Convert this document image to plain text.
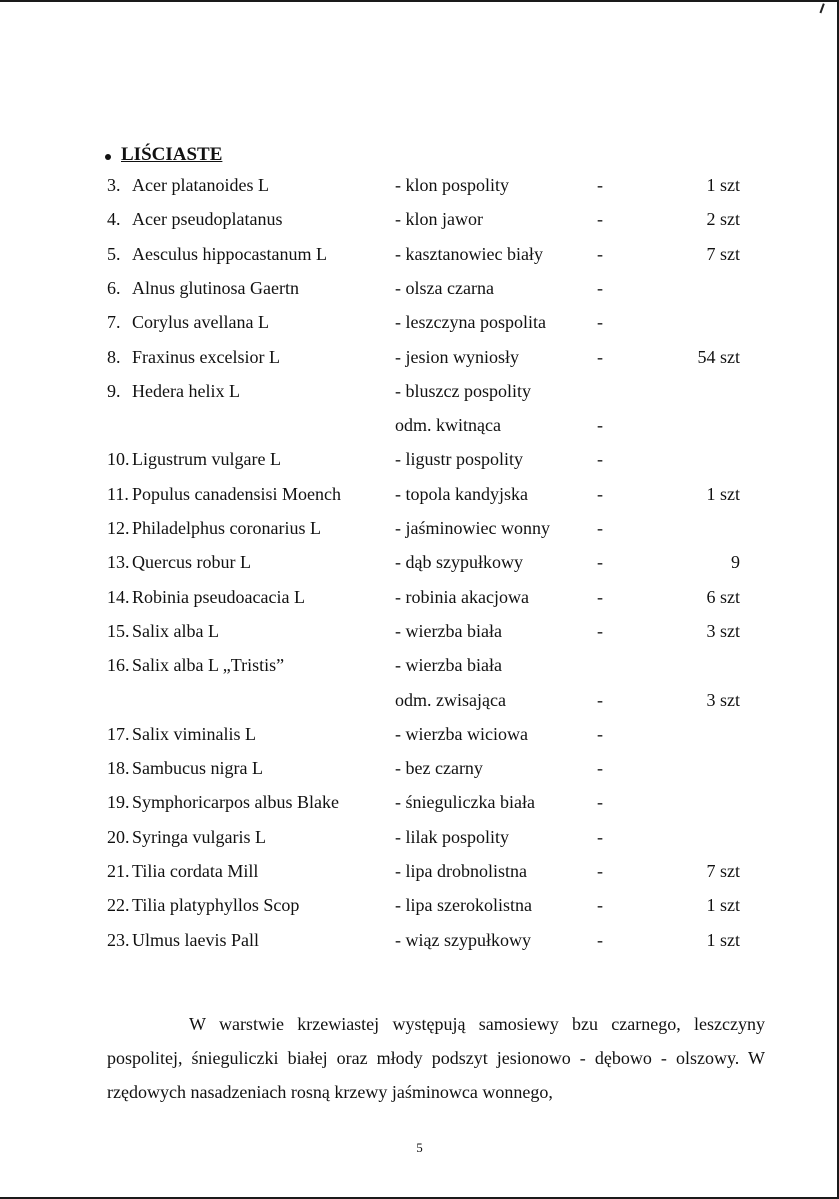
LIŚCIASTE
3. Acer platanoides L	- klon pospolity	-	1 szt
4. Acer pseudoplatanus	- klon jawor	-	2 szt
5. Aesculus hippocastanum L	- kasztanowiec biały	-	7 szt
6. Alnus glutinosa Gaertn	- olsza czarna	-
7. Corylus avellana L	- leszczyna pospolita	-
8. Fraxinus excelsior L	- jesion wyniosły	-	54 szt
9. Hedera helix L	- bluszcz pospolity
odm. kwitnąca	-
10. Ligustrum vulgare L	- ligustr pospolity	-
11. Populus canadensisi Moench	- topola kandyjska	-	1 szt
12. Philadelphus coronarius L	- jaśminowiec wonny	-
13. Quercus robur L	- dąb szypułkowy	-	9
14. Robinia pseudoacacia L	- robinia akacjowa	-	6 szt
15. Salix alba L	- wierzba biała	-	3 szt
16. Salix alba L „Tristis”	- wierzba biała
odm. zwisająca	-	3 szt
17. Salix viminalis L	- wierzba wiciowa	-
18. Sambucus nigra L	- bez czarny	-
19. Symphoricarpos albus Blake	- śnieguliczka biała	-
20. Syringa vulgaris L	- lilak pospolity	-
21. Tilia cordata Mill	- lipa drobnolistna	-	7 szt
22. Tilia platyphyllos Scop	- lipa szerokolistna	-	1 szt
23. Ulmus laevis Pall	- wiąz szypułkowy	-	1 szt

W warstwie krzewiastej występują samosiewy bzu czarnego, leszczyny pospolitej, śnieguliczki białej oraz młody podszyt jesionowo - dębowo - olszowy. W rzędowych nasadzeniach rosną krzewy jaśminowca wonnego,

5
